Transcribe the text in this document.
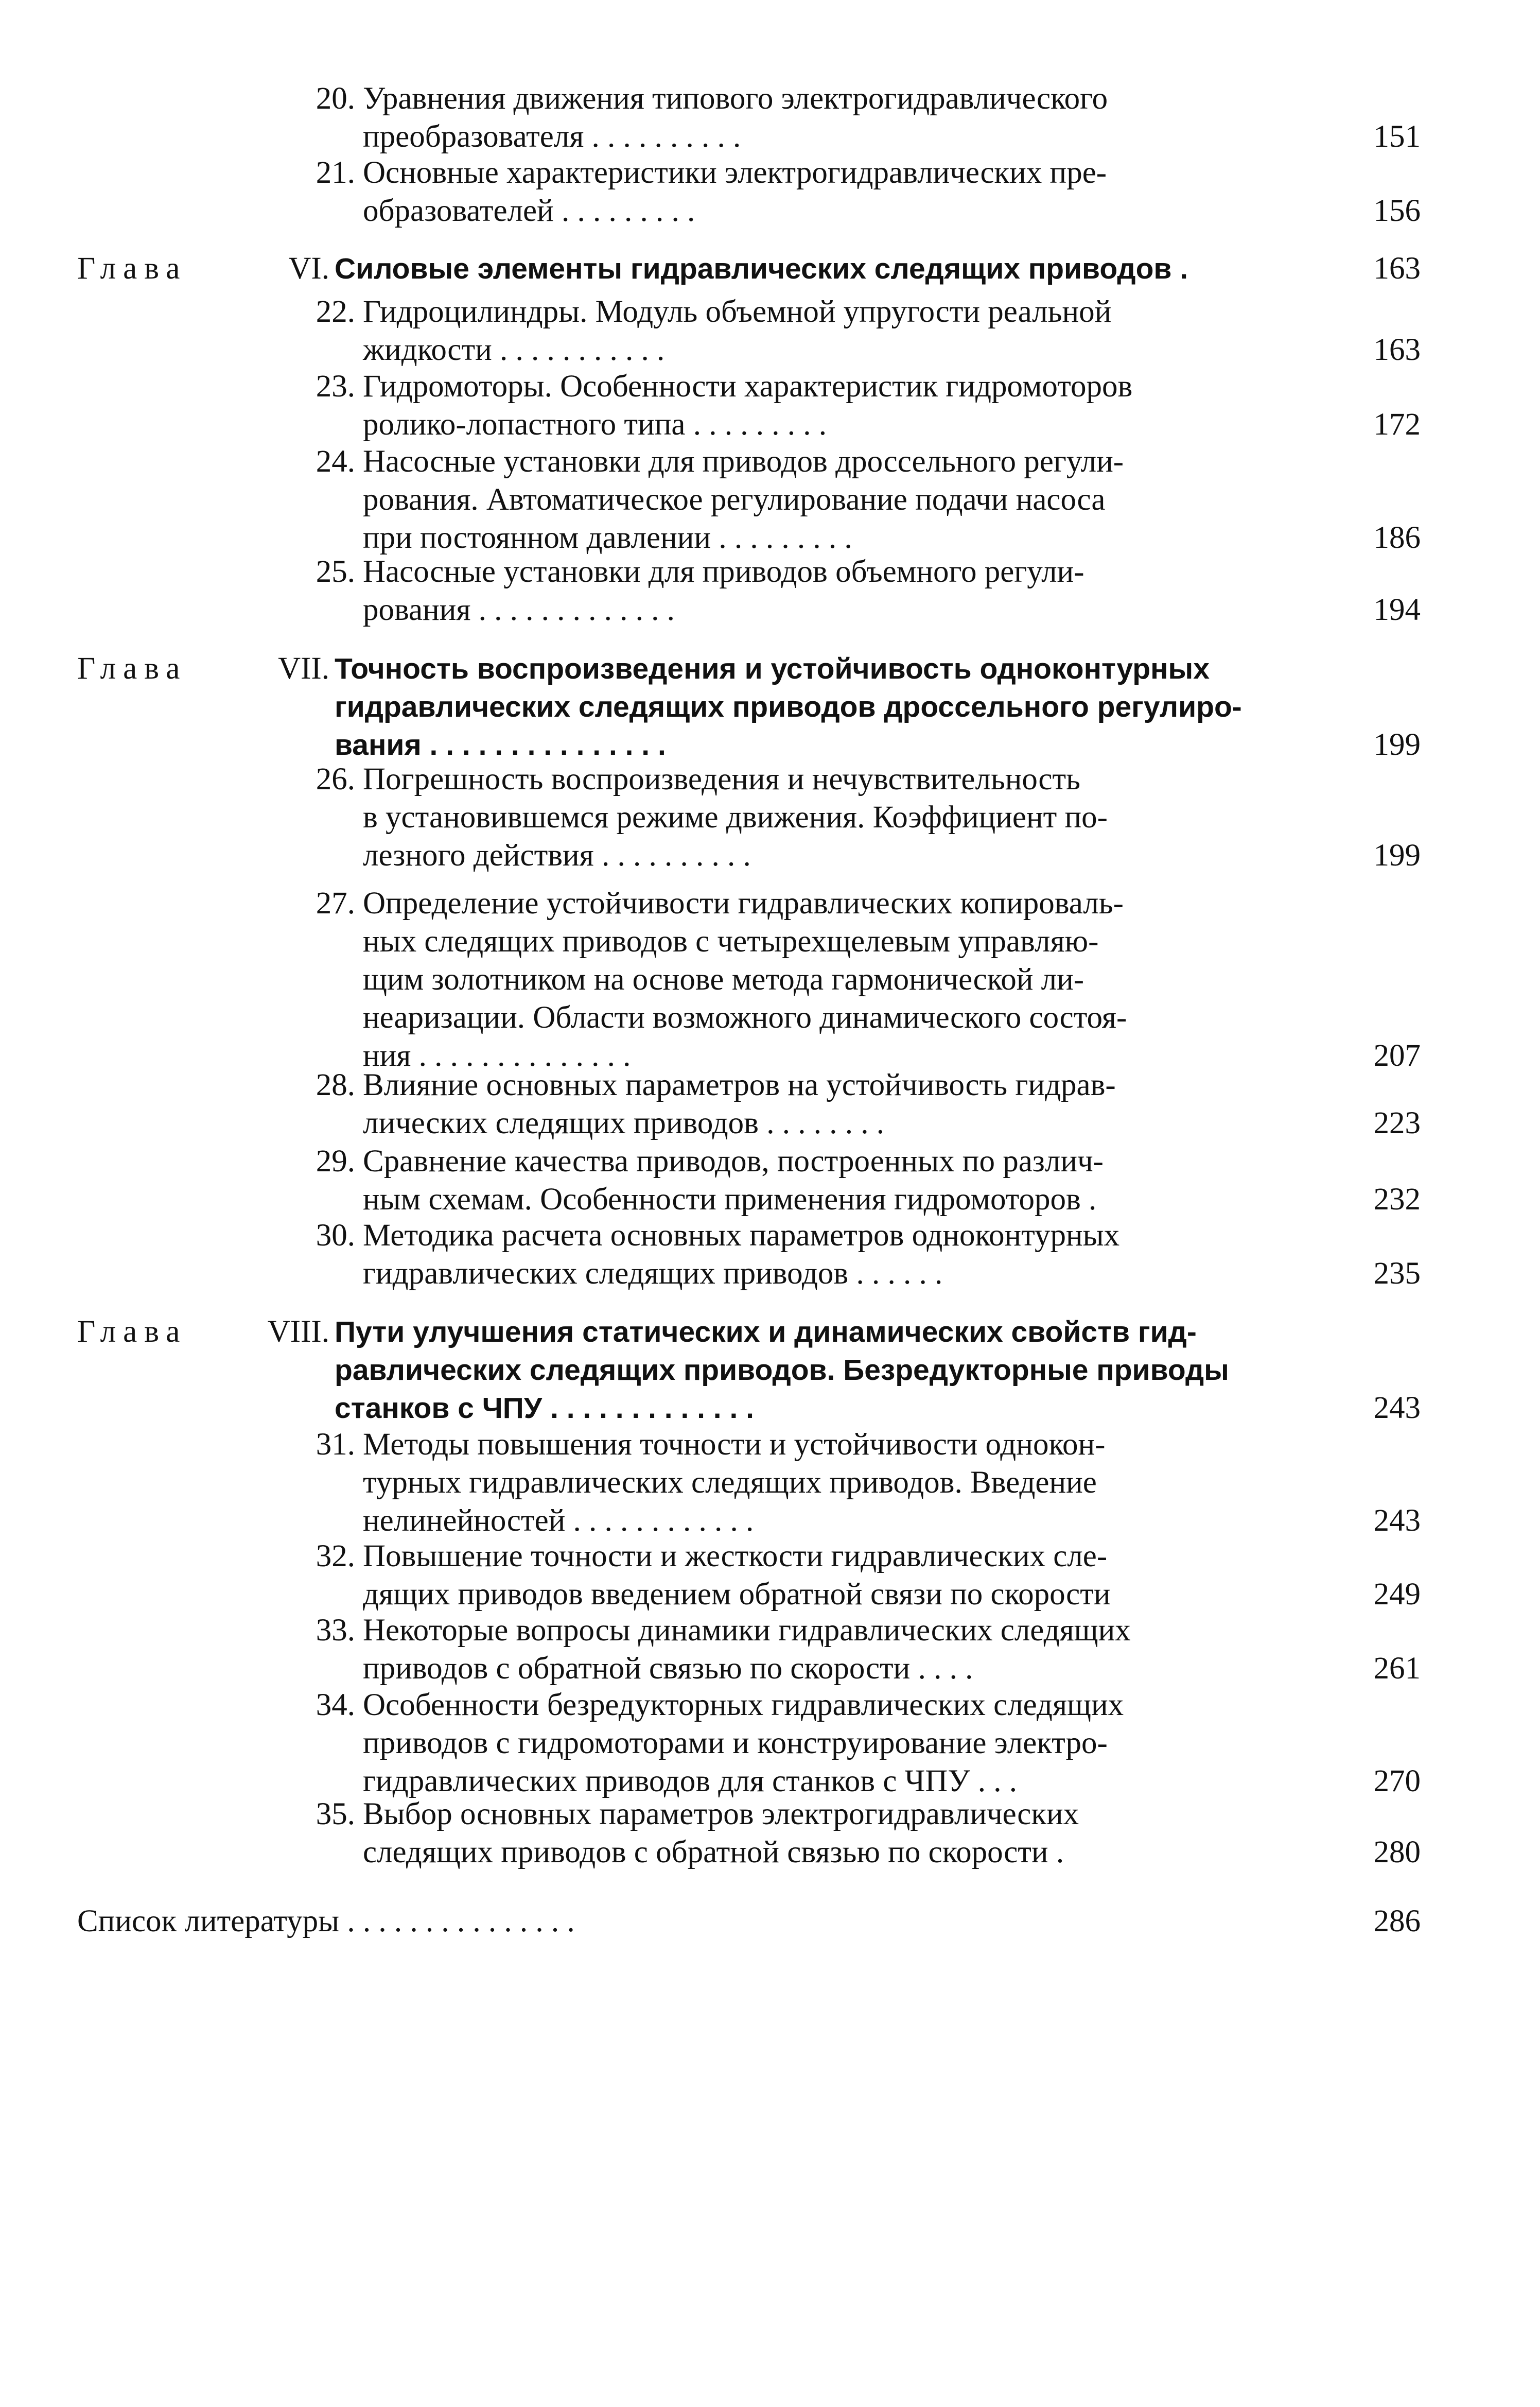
20. Уравнения движения типового электрогидравлического
преобразователя . . . . . . . . . .	151
21. Основные характеристики электрогидравлических пре-
образователей . . . . . . . . .	156
Глава	VI. Силовые элементы гидравлических следящих приводов .	163
22. Гидроцилиндры. Модуль объемной упругости реальной
жидкости . . . . . . . . . . .	163
23. Гидромоторы. Особенности характеристик гидромоторов
ролико-лопастного типа . . . . . . . . .	172
24. Насосные установки для приводов дроссельного регули-
рования. Автоматическое регулирование подачи насоса
при постоянном давлении . . . . . . . . .	186
25. Насосные установки для приводов объемного регули-
рования . . . . . . . . . . . . .	194
Глава	VII. Точность воспроизведения и устойчивость одноконтурных
гидравлических следящих приводов дроссельного регулиро-
вания . . . . . . . . . . . . . . .	199
26. Погрешность воспроизведения и нечувствительность
в установившемся режиме движения. Коэффициент по-
лезного действия . . . . . . . . . .	199
27. Определение устойчивости гидравлических копироваль-
ных следящих приводов с четырехщелевым управляю-
щим золотником на основе метода гармонической ли-
неаризации. Области возможного динамического состоя-
ния . . . . . . . . . . . . . .	207
28. Влияние основных параметров на устойчивость гидрав-
лических следящих приводов . . . . . . . .	223
29. Сравнение качества приводов, построенных по различ-
ным схемам. Особенности применения гидромоторов .	232
30. Методика расчета основных параметров одноконтурных
гидравлических следящих приводов . . . . . .	235
Глава	VIII. Пути улучшения статических и динамических свойств гид-
равлических следящих приводов. Безредукторные приводы
станков с ЧПУ . . . . . . . . . . . . .	243
31. Методы повышения точности и устойчивости однокон-
турных гидравлических следящих приводов. Введение
нелинейностей . . . . . . . . . . . .	243
32. Повышение точности и жесткости гидравлических сле-
дящих приводов введением обратной связи по скорости	249
33. Некоторые вопросы динамики гидравлических следящих
приводов с обратной связью по скорости . . . .	261
34. Особенности безредукторных гидравлических следящих
приводов с гидромоторами и конструирование электро-
гидравлических приводов для станков с ЧПУ . . .	270
35. Выбор основных параметров электрогидравлических
следящих приводов с обратной связью по скорости .	280
Список литературы . . . . . . . . . . . . . . .	286
